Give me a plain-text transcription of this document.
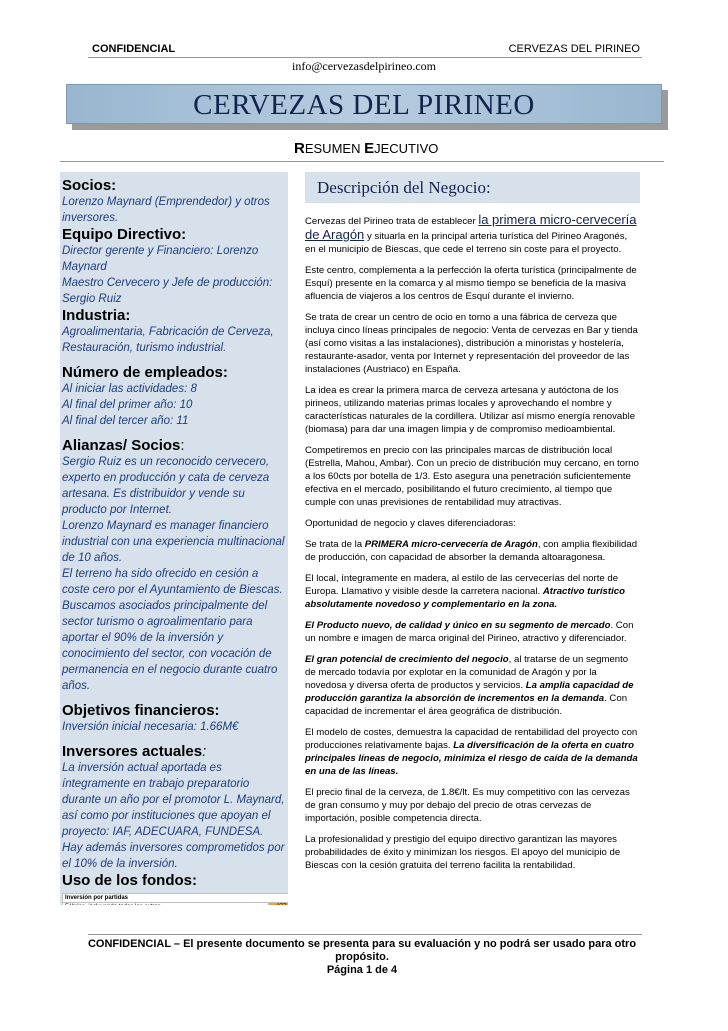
CONFIDENCIAL	CERVEZAS DEL PIRINEO
info@cervezasdelpirineo.com
CERVEZAS DEL PIRINEO
RESUMEN EJECUTIVO
Socios:
Lorenzo Maynard (Emprendedor) y otros inversores.
Equipo Directivo:
Director gerente y Financiero: Lorenzo Maynard
Maestro Cervecero y Jefe de producción: Sergio Ruiz
Industria:
Agroalimentaria, Fabricación de Cerveza, Restauración, turismo industrial.
Número de empleados:
Al iniciar las actividades: 8
Al final del primer año: 10
Al final del tercer año: 11
Alianzas/ Socios:
Sergio Ruiz es un reconocido cervecero, experto en producción y cata de cerveza artesana. Es distribuidor y vende su producto por Internet.
Lorenzo Maynard es manager financiero industrial con una experiencia multinacional de 10 años.
El terreno ha sido ofrecido en cesión a coste cero por el Ayuntamiento de Biescas.
Buscamos asociados principalmente del sector turismo o agroalimentario para aportar el 90% de la inversión y conocimiento del sector, con vocación de permanencia en el negocio durante cuatro años.
Objetivos financieros:
Inversión inicial necesaria: 1.66M€
Inversores actuales:
La inversión actual aportada es íntegramente en trabajo preparatorio durante un año por el promotor L. Maynard, así como por instituciones que apoyan el proyecto: IAF, ADECUARA, FUNDESA. Hay además inversores comprometidos por el 10% de la inversión.
Uso de los fondos:
Inversión por partidas	

Descripción del Negocio:

Cervezas del Pirineo trata de establecer la primera micro-cervecería de Aragón y situarla en la principal arteria turística del Pirineo Aragonés, en el municipio de Biescas, que cede el terreno sin coste para el proyecto.

Este centro, complementa a la perfección la oferta turística (principalmente de Esquí) presente en la comarca y al mismo tiempo se beneficia de la masiva afluencia de viajeros a los centros de Esquí durante el invierno.

Se trata de crear un centro de ocio en torno a una fábrica de cerveza que incluya cinco líneas principales de negocio: Venta de cervezas en Bar y tienda (así como visitas a las instalaciones), distribución a minoristas y hostelería, restaurante-asador, venta por Internet y representación del proveedor de las instalaciones (Austriaco) en España.

La idea es crear la primera marca de cerveza artesana y autóctona de los pirineos, utilizando materias primas locales y aprovechando el nombre y características naturales de la cordillera. Utilizar así mismo energía renovable (biomasa) para dar una imagen limpia y de compromiso medioambiental.

Competiremos en precio con las principales marcas de distribución local (Estrella, Mahou, Ambar). Con un precio de distribución muy cercano, en torno a los 60cts por botella de 1/3. Esto asegura una penetración suficientemente efectiva en el mercado, posibilitando el futuro crecimiento, al tiempo que cumple con unas previsiones de rentabilidad muy atractivas.

Oportunidad de negocio y claves diferenciadoras:

Se trata de la PRIMERA micro-cervecería de Aragón, con amplia flexibilidad de producción, con capacidad de absorber la demanda altoaragonesa.

El local, íntegramente en madera, al estilo de las cervecerías del norte de Europa. Llamativo y visible desde la carretera nacional. Atractivo turístico absolutamente novedoso y complementario en la zona.

El Producto nuevo, de calidad y único en su segmento de mercado. Con un nombre e imagen de marca original del Pirineo, atractivo y diferenciador.

El gran potencial de crecimiento del negocio, al tratarse de un segmento de mercado todavía por explotar en la comunidad de Aragón y por la novedosa y diversa oferta de productos y servicios. La amplia capacidad de producción garantiza la absorción de incrementos en la demanda. Con capacidad de incrementar el área geográfica de distribución.

El modelo de costes, demuestra la capacidad de rentabilidad del proyecto con producciones relativamente bajas. La diversificación de la oferta en cuatro principales líneas de negocio, minimiza el riesgo de caída de la demanda en una de las líneas.

El precio final de la cerveza, de 1.8€/lt. Es muy competitivo con las cervezas de gran consumo y muy por debajo del precio de otras cervezas de importación, posible competencia directa.

La profesionalidad y prestigio del equipo directivo garantizan las mayores probabilidades de éxito y minimizan los riesgos. El apoyo del municipio de Biescas con la cesión gratuita del terreno facilita la rentabilidad.

CONFIDENCIAL – El presente documento se presenta para su evaluación y no podrá ser usado para otro propósito.
Página 1 de 4
